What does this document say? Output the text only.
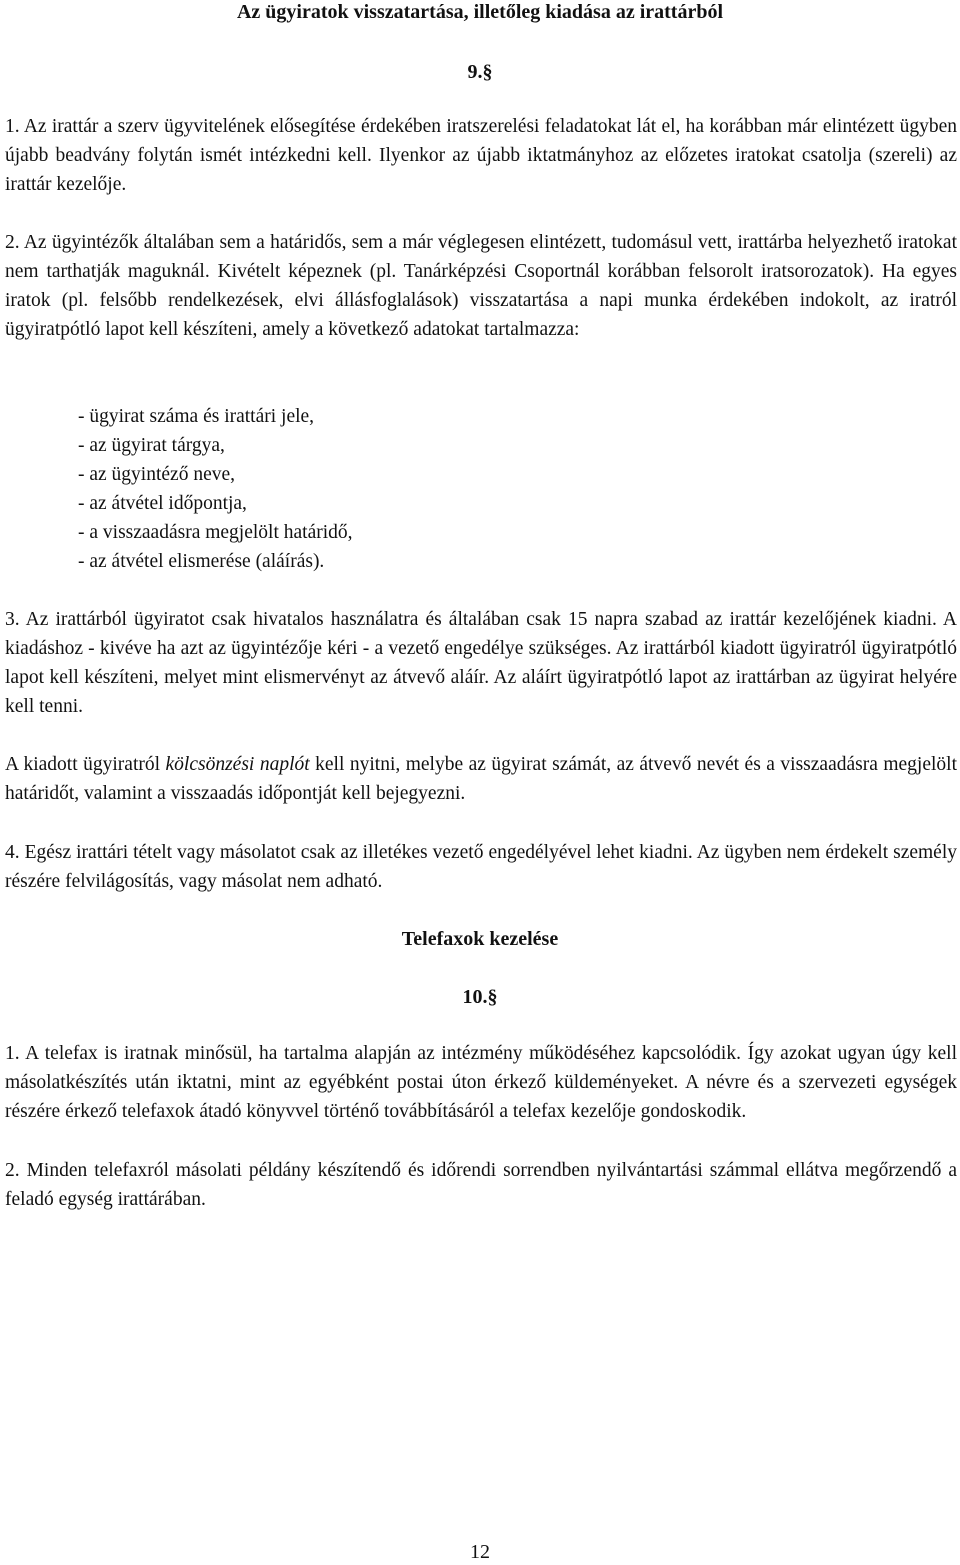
Az ügyiratok visszatartása, illetőleg kiadása az irattárból
9.§

1. Az irattár a szerv ügyvitelének elősegítése érdekében iratszerelési feladatokat lát el, ha korábban már elintézett ügyben újabb beadvány folytán ismét intézkedni kell. Ilyenkor az újabb iktatmányhoz az előzetes iratokat csatolja (szereli) az irattár kezelője.

2. Az ügyintézők általában sem a határidős, sem a már véglegesen elintézett, tudomásul vett, irattárba helyezhető iratokat nem tarthatják maguknál. Kivételt képeznek (pl. Tanárképzési Csoportnál korábban felsorolt iratsorozatok). Ha egyes iratok (pl. felsőbb rendelkezések, elvi állásfoglalások) visszatartása a napi munka érdekében indokolt, az iratról ügyiratpótló lapot kell készíteni, amely a következő adatokat tartalmazza:

- ügyirat száma és irattári jele,
- az ügyirat tárgya,
- az ügyintéző neve,
- az átvétel időpontja,
- a visszaadásra megjelölt határidő,
- az átvétel elismerése (aláírás).

3. Az irattárból ügyiratot csak hivatalos használatra és általában csak 15 napra szabad az irattár kezelőjének kiadni. A kiadáshoz - kivéve ha azt az ügyintézője kéri - a vezető engedélye szükséges. Az irattárból kiadott ügyiratról ügyiratpótló lapot kell készíteni, melyet mint elismervényt az átvevő aláír. Az aláírt ügyiratpótló lapot az irattárban az ügyirat helyére kell tenni.

A kiadott ügyiratról kölcsönzési naplót kell nyitni, melybe az ügyirat számát, az átvevő nevét és a visszaadásra megjelölt határidőt, valamint a visszaadás időpontját kell bejegyezni.

4. Egész irattári tételt vagy másolatot csak az illetékes vezető engedélyével lehet kiadni. Az ügyben nem érdekelt személy részére felvilágosítás, vagy másolat nem adható.

Telefaxok kezelése
10.§

1. A telefax is iratnak minősül, ha tartalma alapján az intézmény működéséhez kapcsolódik. Így azokat ugyan úgy kell másolatkészítés után iktatni, mint az egyébként postai úton érkező küldeményeket. A névre és a szervezeti egységek részére érkező telefaxok átadó könyvvel történő továbbításáról a telefax kezelője gondoskodik.

2. Minden telefaxról másolati példány készítendő és időrendi sorrendben nyilvántartási számmal ellátva megőrzendő a feladó egység irattárában.

12
